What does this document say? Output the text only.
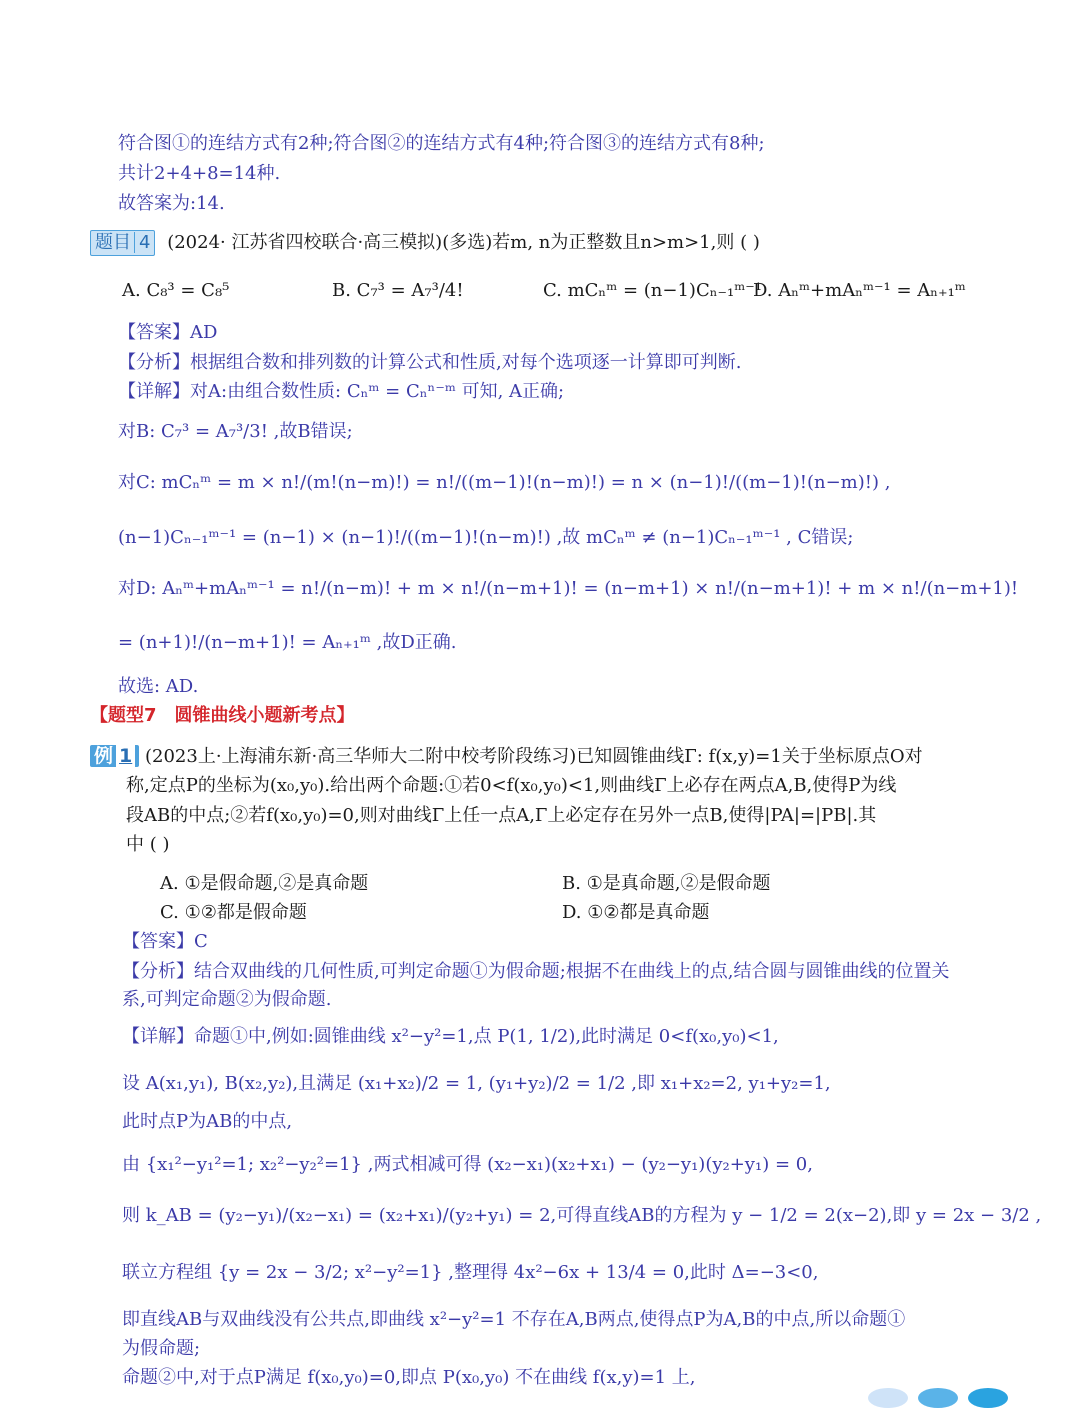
符合图①的连结方式有2种;符合图②的连结方式有4种;符合图③的连结方式有8种;
共计2+4+8=14种.
故答案为:14.
【答案】AD
【分析】根据组合数和排列数的计算公式和性质,对每个选项逐一计算即可判断.
【详解】对A:由组合数性质: Cₙᵐ = Cₙⁿ⁻ᵐ 可知, A正确;
对B: C₇³ = A₇³/3! ,故B错误;
对C: mCₙᵐ = m × n!/(m!(n−m)!) = n!/((m−1)!(n−m)!) = n × (n−1)!/((m−1)!(n−m)!) ,
(n−1)Cₙ₋₁ᵐ⁻¹ = (n−1) × (n−1)!/((m−1)!(n−m)!) ,故 mCₙᵐ ≠ (n−1)Cₙ₋₁ᵐ⁻¹ , C错误;
对D: Aₙᵐ+mAₙᵐ⁻¹ = n!/(n−m)! + m × n!/(n−m+1)! = (n−m+1) × n!/(n−m+1)! + m × n!/(n−m+1)!
= (n+1)!/(n−m+1)! = Aₙ₊₁ᵐ ,故D正确.
故选: AD.
【答案】C
【分析】结合双曲线的几何性质,可判定命题①为假命题;根据不在曲线上的点,结合圆与圆锥曲线的位置关
系,可判定命题②为假命题.
【详解】命题①中,例如:圆锥曲线 x²−y²=1,点 P(1, 1/2),此时满足 0<f(x₀,y₀)<1,
设 A(x₁,y₁), B(x₂,y₂),且满足 (x₁+x₂)/2 = 1, (y₁+y₂)/2 = 1/2 ,即 x₁+x₂=2, y₁+y₂=1,
此时点P为AB的中点,
由 {x₁²−y₁²=1; x₂²−y₂²=1} ,两式相减可得 (x₂−x₁)(x₂+x₁) − (y₂−y₁)(y₂+y₁) = 0,
则 k_AB = (y₂−y₁)/(x₂−x₁) = (x₂+x₁)/(y₂+y₁) = 2,可得直线AB的方程为 y − 1/2 = 2(x−2),即 y = 2x − 3/2 ,
联立方程组 {y = 2x − 3/2; x²−y²=1} ,整理得 4x²−6x + 13/4 = 0,此时 Δ=−3<0,
即直线AB与双曲线没有公共点,即曲线 x²−y²=1 不存在A,B两点,使得点P为A,B的中点,所以命题①
为假命题;
命题②中,对于点P满足 f(x₀,y₀)=0,即点 P(x₀,y₀) 不在曲线 f(x,y)=1 上,
题目 4 (2024· 江苏省四校联合·高三模拟)(多选)若m, n为正整数且n>m>1,则 ( )
A. C₈³ = C₈⁵	B. C₇³ = A₇³/4!	C. mCₙᵐ = (n−1)Cₙ₋₁ᵐ⁻¹
D. Aₙᵐ+mAₙᵐ⁻¹ = Aₙ₊₁ᵐ
【题型7　圆锥曲线小题新考点】
例 1 (2023上·上海浦东新·高三华师大二附中校考阶段练习)已知圆锥曲线Γ: f(x,y)=1关于坐标原点O对
称,定点P的坐标为(x₀,y₀).给出两个命题:①若0<f(x₀,y₀)<1,则曲线Γ上必存在两点A,B,使得P为线
段AB的中点;②若f(x₀,y₀)=0,则对曲线Γ上任一点A,Γ上必定存在另外一点B,使得|PA|=|PB|.其
中 ( )
A. ①是假命题,②是真命题	B. ①是真命题,②是假命题
C. ①②都是假命题	D. ①②都是真命题
